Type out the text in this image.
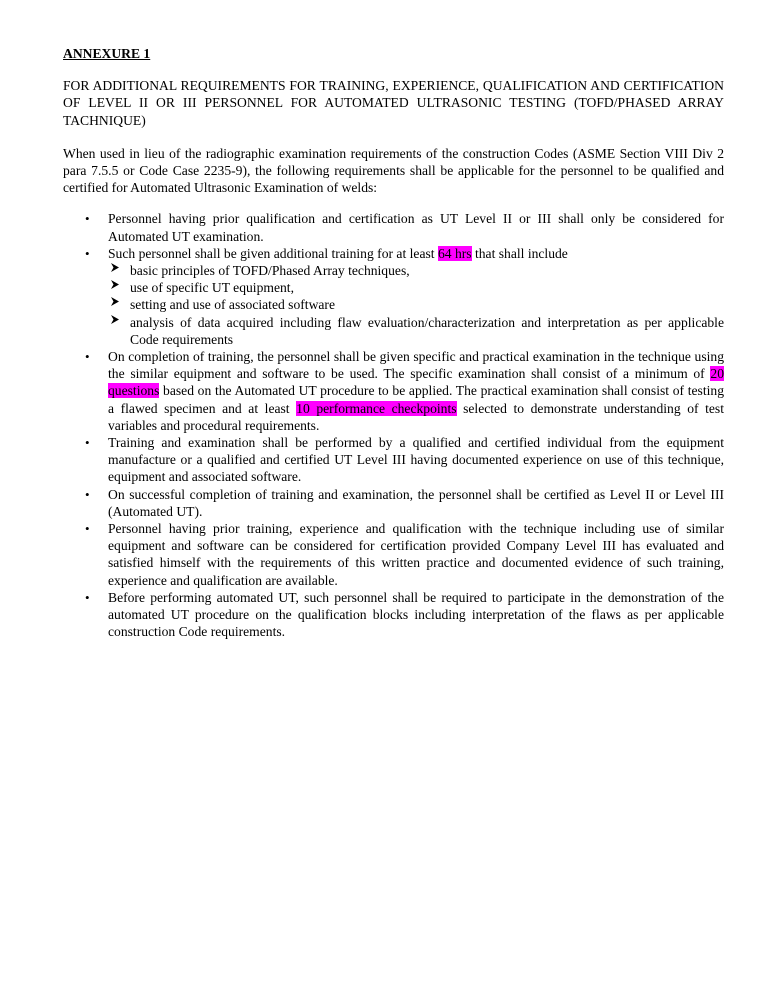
ANNEXURE 1
FOR ADDITIONAL REQUIREMENTS FOR TRAINING, EXPERIENCE, QUALIFICATION AND CERTIFICATION OF LEVEL II OR III PERSONNEL FOR AUTOMATED ULTRASONIC TESTING (TOFD/PHASED ARRAY TACHNIQUE)
When used in lieu of the radiographic examination requirements of the construction Codes (ASME Section VIII Div 2 para 7.5.5 or Code Case 2235-9), the following requirements shall be applicable for the personnel to be qualified and certified for Automated Ultrasonic Examination of welds:
• Personnel having prior qualification and certification as UT Level II or III shall only be considered for Automated UT examination.
• Such personnel shall be given additional training for at least 64 hrs that shall include
basic principles of TOFD/Phased Array techniques,
use of specific UT equipment,
setting and use of associated software
analysis of data acquired including flaw evaluation/characterization and interpretation as per applicable Code requirements
• On completion of training, the personnel shall be given specific and practical examination in the technique using the similar equipment and software to be used. The specific examination shall consist of a minimum of 20 questions based on the Automated UT procedure to be applied. The practical examination shall consist of testing a flawed specimen and at least 10 performance checkpoints selected to demonstrate understanding of test variables and procedural requirements.
• Training and examination shall be performed by a qualified and certified individual from the equipment manufacture or a qualified and certified UT Level III having documented experience on use of this technique, equipment and associated software.
• On successful completion of training and examination, the personnel shall be certified as Level II or Level III (Automated UT).
• Personnel having prior training, experience and qualification with the technique including use of similar equipment and software can be considered for certification provided Company Level III has evaluated and satisfied himself with the requirements of this written practice and documented evidence of such training, experience and qualification are available.
• Before performing automated UT, such personnel shall be required to participate in the demonstration of the automated UT procedure on the qualification blocks including interpretation of the flaws as per applicable construction Code requirements.
